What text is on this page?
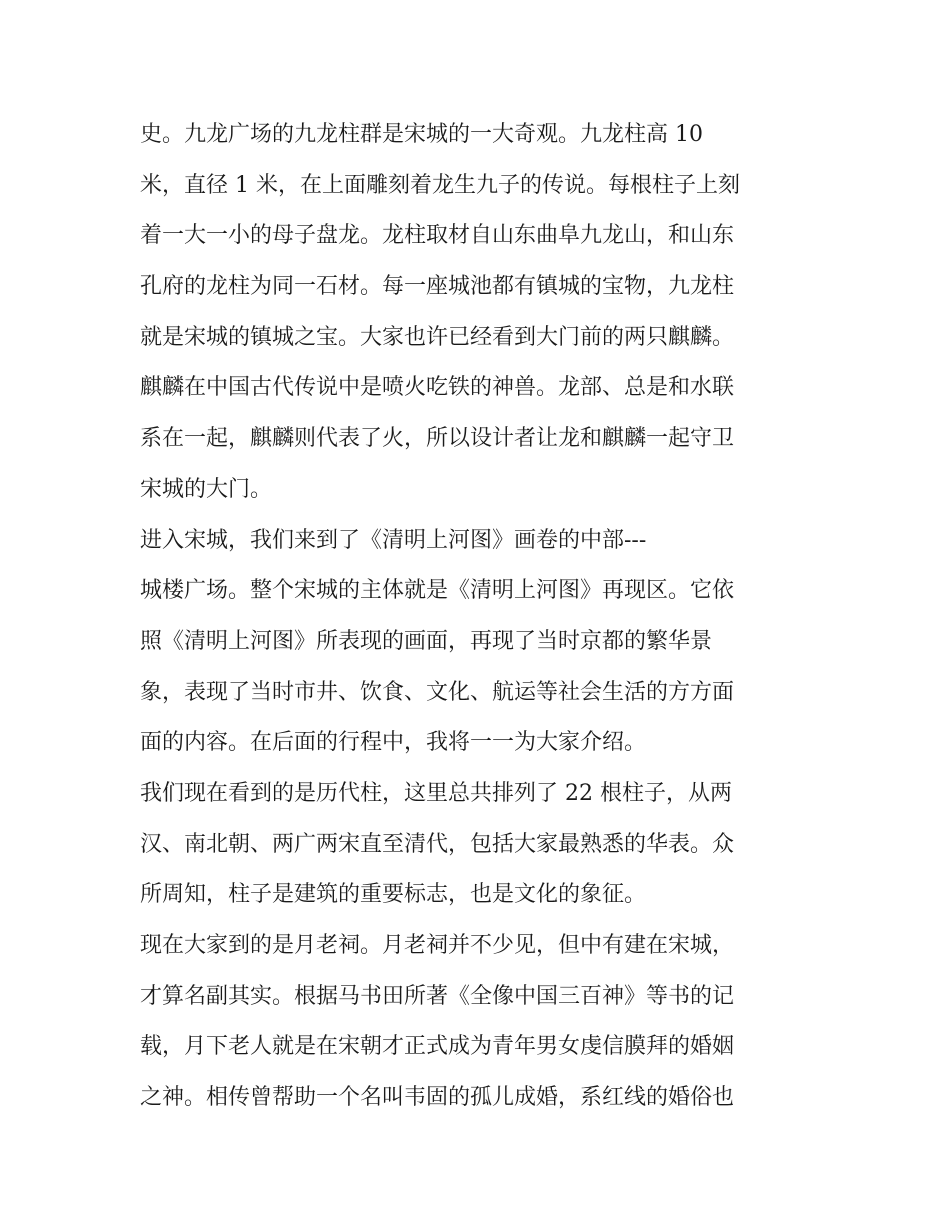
史。九龙广场的九龙柱群是宋城的一大奇观。九龙柱高 10
米，直径 1 米，在上面雕刻着龙生九子的传说。每根柱子上刻
着一大一小的母子盘龙。龙柱取材自山东曲阜九龙山，和山东
孔府的龙柱为同一石材。每一座城池都有镇城的宝物，九龙柱
就是宋城的镇城之宝。大家也许已经看到大门前的两只麒麟。
麒麟在中国古代传说中是喷火吃铁的神兽。龙部、总是和水联
系在一起，麒麟则代表了火，所以设计者让龙和麒麟一起守卫
宋城的大门。
进入宋城，我们来到了《清明上河图》画卷的中部---
城楼广场。整个宋城的主体就是《清明上河图》再现区。它依
照《清明上河图》所表现的画面，再现了当时京都的繁华景
象，表现了当时市井、饮食、文化、航运等社会生活的方方面
面的内容。在后面的行程中，我将一一为大家介绍。
我们现在看到的是历代柱，这里总共排列了 22 根柱子，从两
汉、南北朝、两广两宋直至清代，包括大家最熟悉的华表。众
所周知，柱子是建筑的重要标志，也是文化的象征。
现在大家到的是月老祠。月老祠并不少见，但中有建在宋城，
才算名副其实。根据马书田所著《全像中国三百神》等书的记
载，月下老人就是在宋朝才正式成为青年男女虔信膜拜的婚姻
之神。相传曾帮助一个名叫韦固的孤儿成婚，系红线的婚俗也
